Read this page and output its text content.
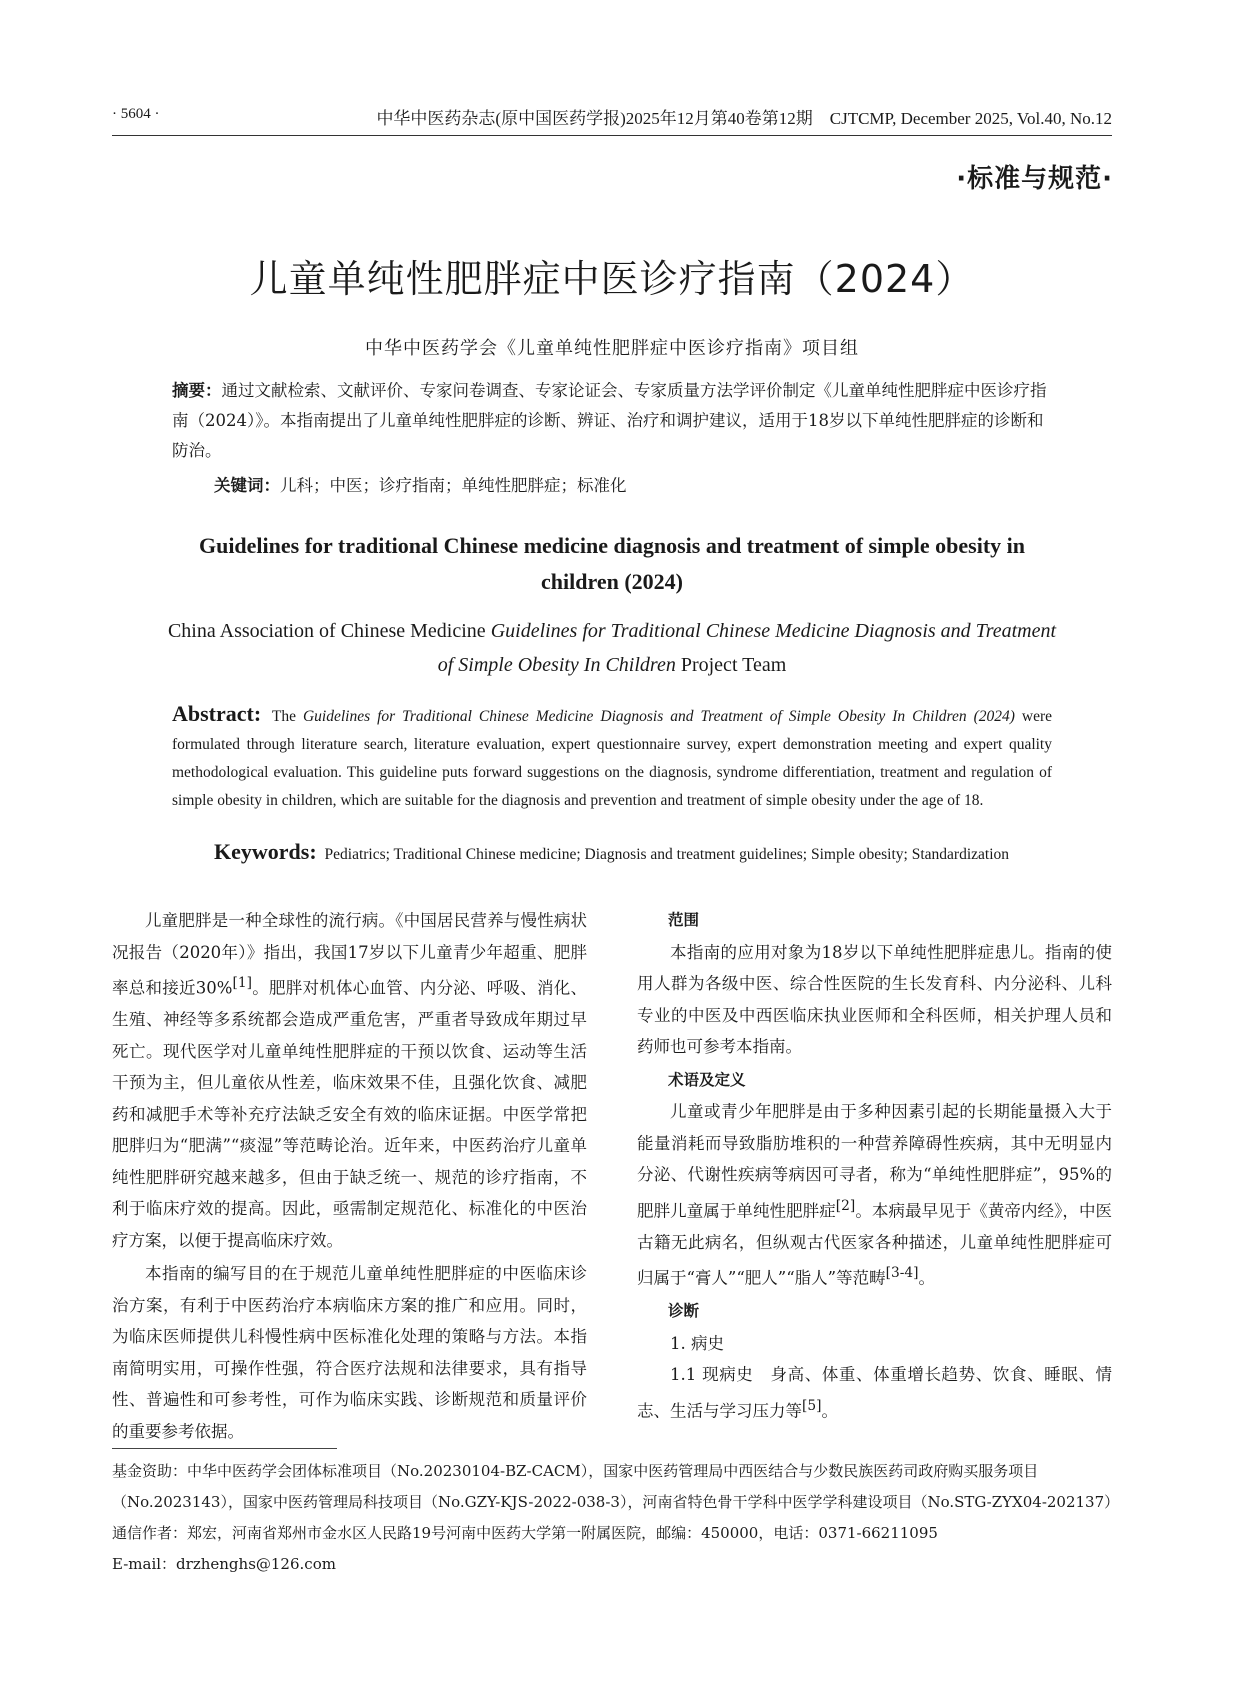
· 5604 ·	中华中医药杂志(原中国医药学报)2025年12月第40卷第12期　CJTCMP, December 2025, Vol.40, No.12
·标准与规范·
儿童单纯性肥胖症中医诊疗指南（2024）
中华中医药学会《儿童单纯性肥胖症中医诊疗指南》项目组
摘要：通过文献检索、文献评价、专家问卷调查、专家论证会、专家质量方法学评价制定《儿童单纯性肥胖症中医诊疗指南（2024）》。本指南提出了儿童单纯性肥胖症的诊断、辨证、治疗和调护建议，适用于18岁以下单纯性肥胖症的诊断和防治。
关键词：儿科；中医；诊疗指南；单纯性肥胖症；标准化
Guidelines for traditional Chinese medicine diagnosis and treatment of simple obesity in children (2024)
China Association of Chinese Medicine Guidelines for Traditional Chinese Medicine Diagnosis and Treatment of Simple Obesity In Children Project Team
Abstract: The Guidelines for Traditional Chinese Medicine Diagnosis and Treatment of Simple Obesity In Children (2024) were formulated through literature search, literature evaluation, expert questionnaire survey, expert demonstration meeting and expert quality methodological evaluation. This guideline puts forward suggestions on the diagnosis, syndrome differentiation, treatment and regulation of simple obesity in children, which are suitable for the diagnosis and prevention and treatment of simple obesity under the age of 18.
Keywords: Pediatrics; Traditional Chinese medicine; Diagnosis and treatment guidelines; Simple obesity; Standardization

儿童肥胖是一种全球性的流行病。《中国居民营养与慢性病状况报告（2020年）》指出，我国17岁以下儿童青少年超重、肥胖率总和接近30%[1]。肥胖对机体心血管、内分泌、呼吸、消化、生殖、神经等多系统都会造成严重危害，严重者导致成年期过早死亡。现代医学对儿童单纯性肥胖症的干预以饮食、运动等生活干预为主，但儿童依从性差，临床效果不佳，且强化饮食、减肥药和减肥手术等补充疗法缺乏安全有效的临床证据。中医学常把肥胖归为“肥满”“痰湿”等范畴论治。近年来，中医药治疗儿童单纯性肥胖研究越来越多，但由于缺乏统一、规范的诊疗指南，不利于临床疗效的提高。因此，亟需制定规范化、标准化的中医治疗方案，以便于提高临床疗效。

本指南的编写目的在于规范儿童单纯性肥胖症的中医临床诊治方案，有利于中医药治疗本病临床方案的推广和应用。同时，为临床医师提供儿科慢性病中医标准化处理的策略与方法。本指南简明实用，可操作性强，符合医疗法规和法律要求，具有指导性、普遍性和可参考性，可作为临床实践、诊断规范和质量评价的重要参考依据。

范围

本指南的应用对象为18岁以下单纯性肥胖症患儿。指南的使用人群为各级中医、综合性医院的生长发育科、内分泌科、儿科专业的中医及中西医临床执业医师和全科医师，相关护理人员和药师也可参考本指南。

术语及定义

儿童或青少年肥胖是由于多种因素引起的长期能量摄入大于能量消耗而导致脂肪堆积的一种营养障碍性疾病，其中无明显内分泌、代谢性疾病等病因可寻者，称为“单纯性肥胖症”，95%的肥胖儿童属于单纯性肥胖症[2]。本病最早见于《黄帝内经》，中医古籍无此病名，但纵观古代医家各种描述，儿童单纯性肥胖症可归属于“膏人”“肥人”“脂人”等范畴[3-4]。

诊断

1. 病史

1.1 现病史　身高、体重、体重增长趋势、饮食、睡眠、情志、生活与学习压力等[5]。

基金资助：中华中医药学会团体标准项目（No.20230104-BZ-CACM），国家中医药管理局中西医结合与少数民族医药司政府购买服务项目（No.2023143），国家中医药管理局科技项目（No.GZY-KJS-2022-038-3），河南省特色骨干学科中医学学科建设项目（No.STG-ZYX04-202137）
通信作者：郑宏，河南省郑州市金水区人民路19号河南中医药大学第一附属医院，邮编：450000，电话：0371-66211095
E-mail：drzhenghs@126.com
